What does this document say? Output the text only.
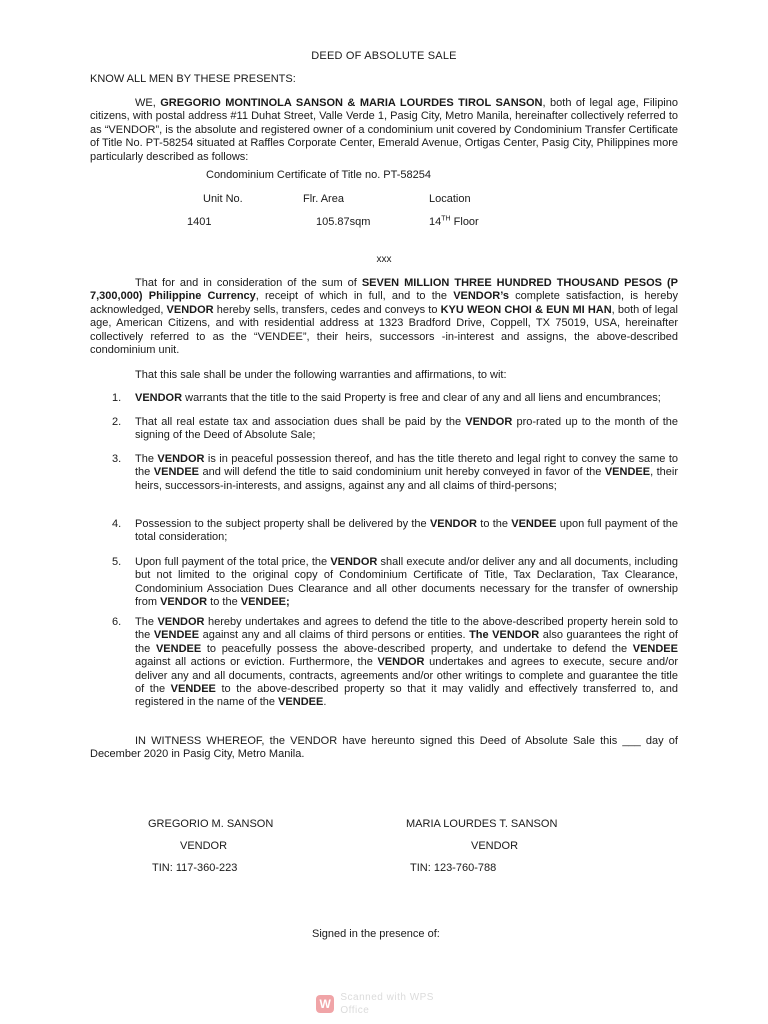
DEED OF ABSOLUTE SALE
KNOW ALL MEN BY THESE PRESENTS:
WE, GREGORIO MONTINOLA SANSON & MARIA LOURDES TIROL SANSON, both of legal age, Filipino citizens, with postal address #11 Duhat Street, Valle Verde 1, Pasig City, Metro Manila, hereinafter collectively referred to as “VENDOR”, is the absolute and registered owner of a condominium unit covered by Condominium Transfer Certificate of Title No. PT-58254 situated at Raffles Corporate Center, Emerald Avenue, Ortigas Center, Pasig City, Philippines more particularly described as follows:
Condominium Certificate of Title no. PT-58254
Unit No.	Flr. Area	Location
1401	105.87sqm	14TH Floor
xxx
That for and in consideration of the sum of SEVEN MILLION THREE HUNDRED THOUSAND PESOS (P 7,300,000) Philippine Currency, receipt of which in full, and to the VENDOR’s complete satisfaction, is hereby acknowledged, VENDOR hereby sells, transfers, cedes and conveys to KYU WEON CHOI & EUN MI HAN, both of legal age, American Citizens, and with residential address at 1323 Bradford Drive, Coppell, TX 75019, USA, hereinafter collectively referred to as the “VENDEE”, their heirs, successors -in-interest and assigns, the above-described condominium unit.
That this sale shall be under the following warranties and affirmations, to wit:
1.	VENDOR warrants that the title to the said Property is free and clear of any and all liens and encumbrances;
2.	That all real estate tax and association dues shall be paid by the VENDOR pro-rated up to the month of the signing of the Deed of Absolute Sale;
3.	The VENDOR is in peaceful possession thereof, and has the title thereto and legal right to convey the same to the VENDEE and will defend the title to said condominium unit hereby conveyed in favor of the VENDEE, their heirs, successors-in-interests, and assigns, against any and all claims of third-persons;
4.	Possession to the subject property shall be delivered by the VENDOR to the VENDEE upon full payment of the total consideration;
5.	Upon full payment of the total price, the VENDOR shall execute and/or deliver any and all documents, including but not limited to the original copy of Condominium Certificate of Title, Tax Declaration, Tax Clearance, Condominium Association Dues Clearance and all other documents necessary for the transfer of ownership from VENDOR to the VENDEE;
6.	The VENDOR hereby undertakes and agrees to defend the title to the above-described property herein sold to the VENDEE against any and all claims of third persons or entities. The VENDOR also guarantees the right of the VENDEE to peacefully possess the above-described property, and undertake to defend the VENDEE against all actions or eviction. Furthermore, the VENDOR undertakes and agrees to execute, secure and/or deliver any and all documents, contracts, agreements and/or other writings to complete and guarantee the title of the VENDEE to the above-described property so that it may validly and effectively transferred to, and registered in the name of the VENDEE.
IN WITNESS WHEREOF, the VENDOR have hereunto signed this Deed of Absolute Sale this ___ day of December 2020 in Pasig City, Metro Manila.
GREGORIO M. SANSON
VENDOR
TIN: 117-360-223
MARIA LOURDES T. SANSON
VENDOR
TIN: 123-760-788
Signed in the presence of:
W Scanned with WPS Office
